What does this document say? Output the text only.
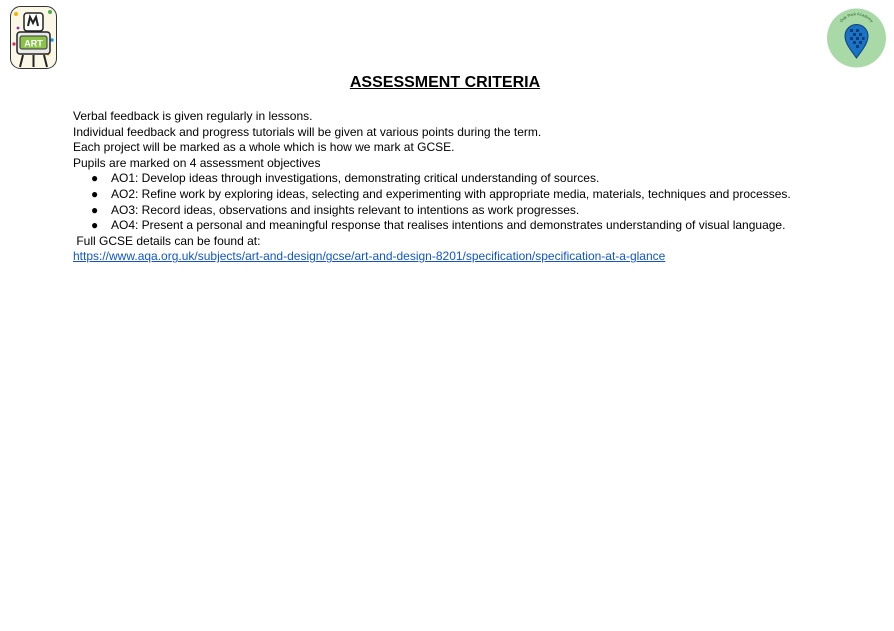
ART
Oak Park Academy
ASSESSMENT CRITERIA

Verbal feedback is given regularly in lessons.

Individual feedback and progress tutorials will be given at various points during the term.

Each project will be marked as a whole which is how we mark at GCSE.

Pupils are marked on 4 assessment objectives

● AO1: Develop ideas through investigations, demonstrating critical understanding of sources.
● AO2: Refine work by exploring ideas, selecting and experimenting with appropriate media, materials, techniques and processes.
● AO3: Record ideas, observations and insights relevant to intentions as work progresses.
● AO4: Present a personal and meaningful response that realises intentions and demonstrates understanding of visual language.

Full GCSE details can be found at:

https://www.aqa.org.uk/subjects/art-and-design/gcse/art-and-design-8201/specification/specification-at-a-glance
